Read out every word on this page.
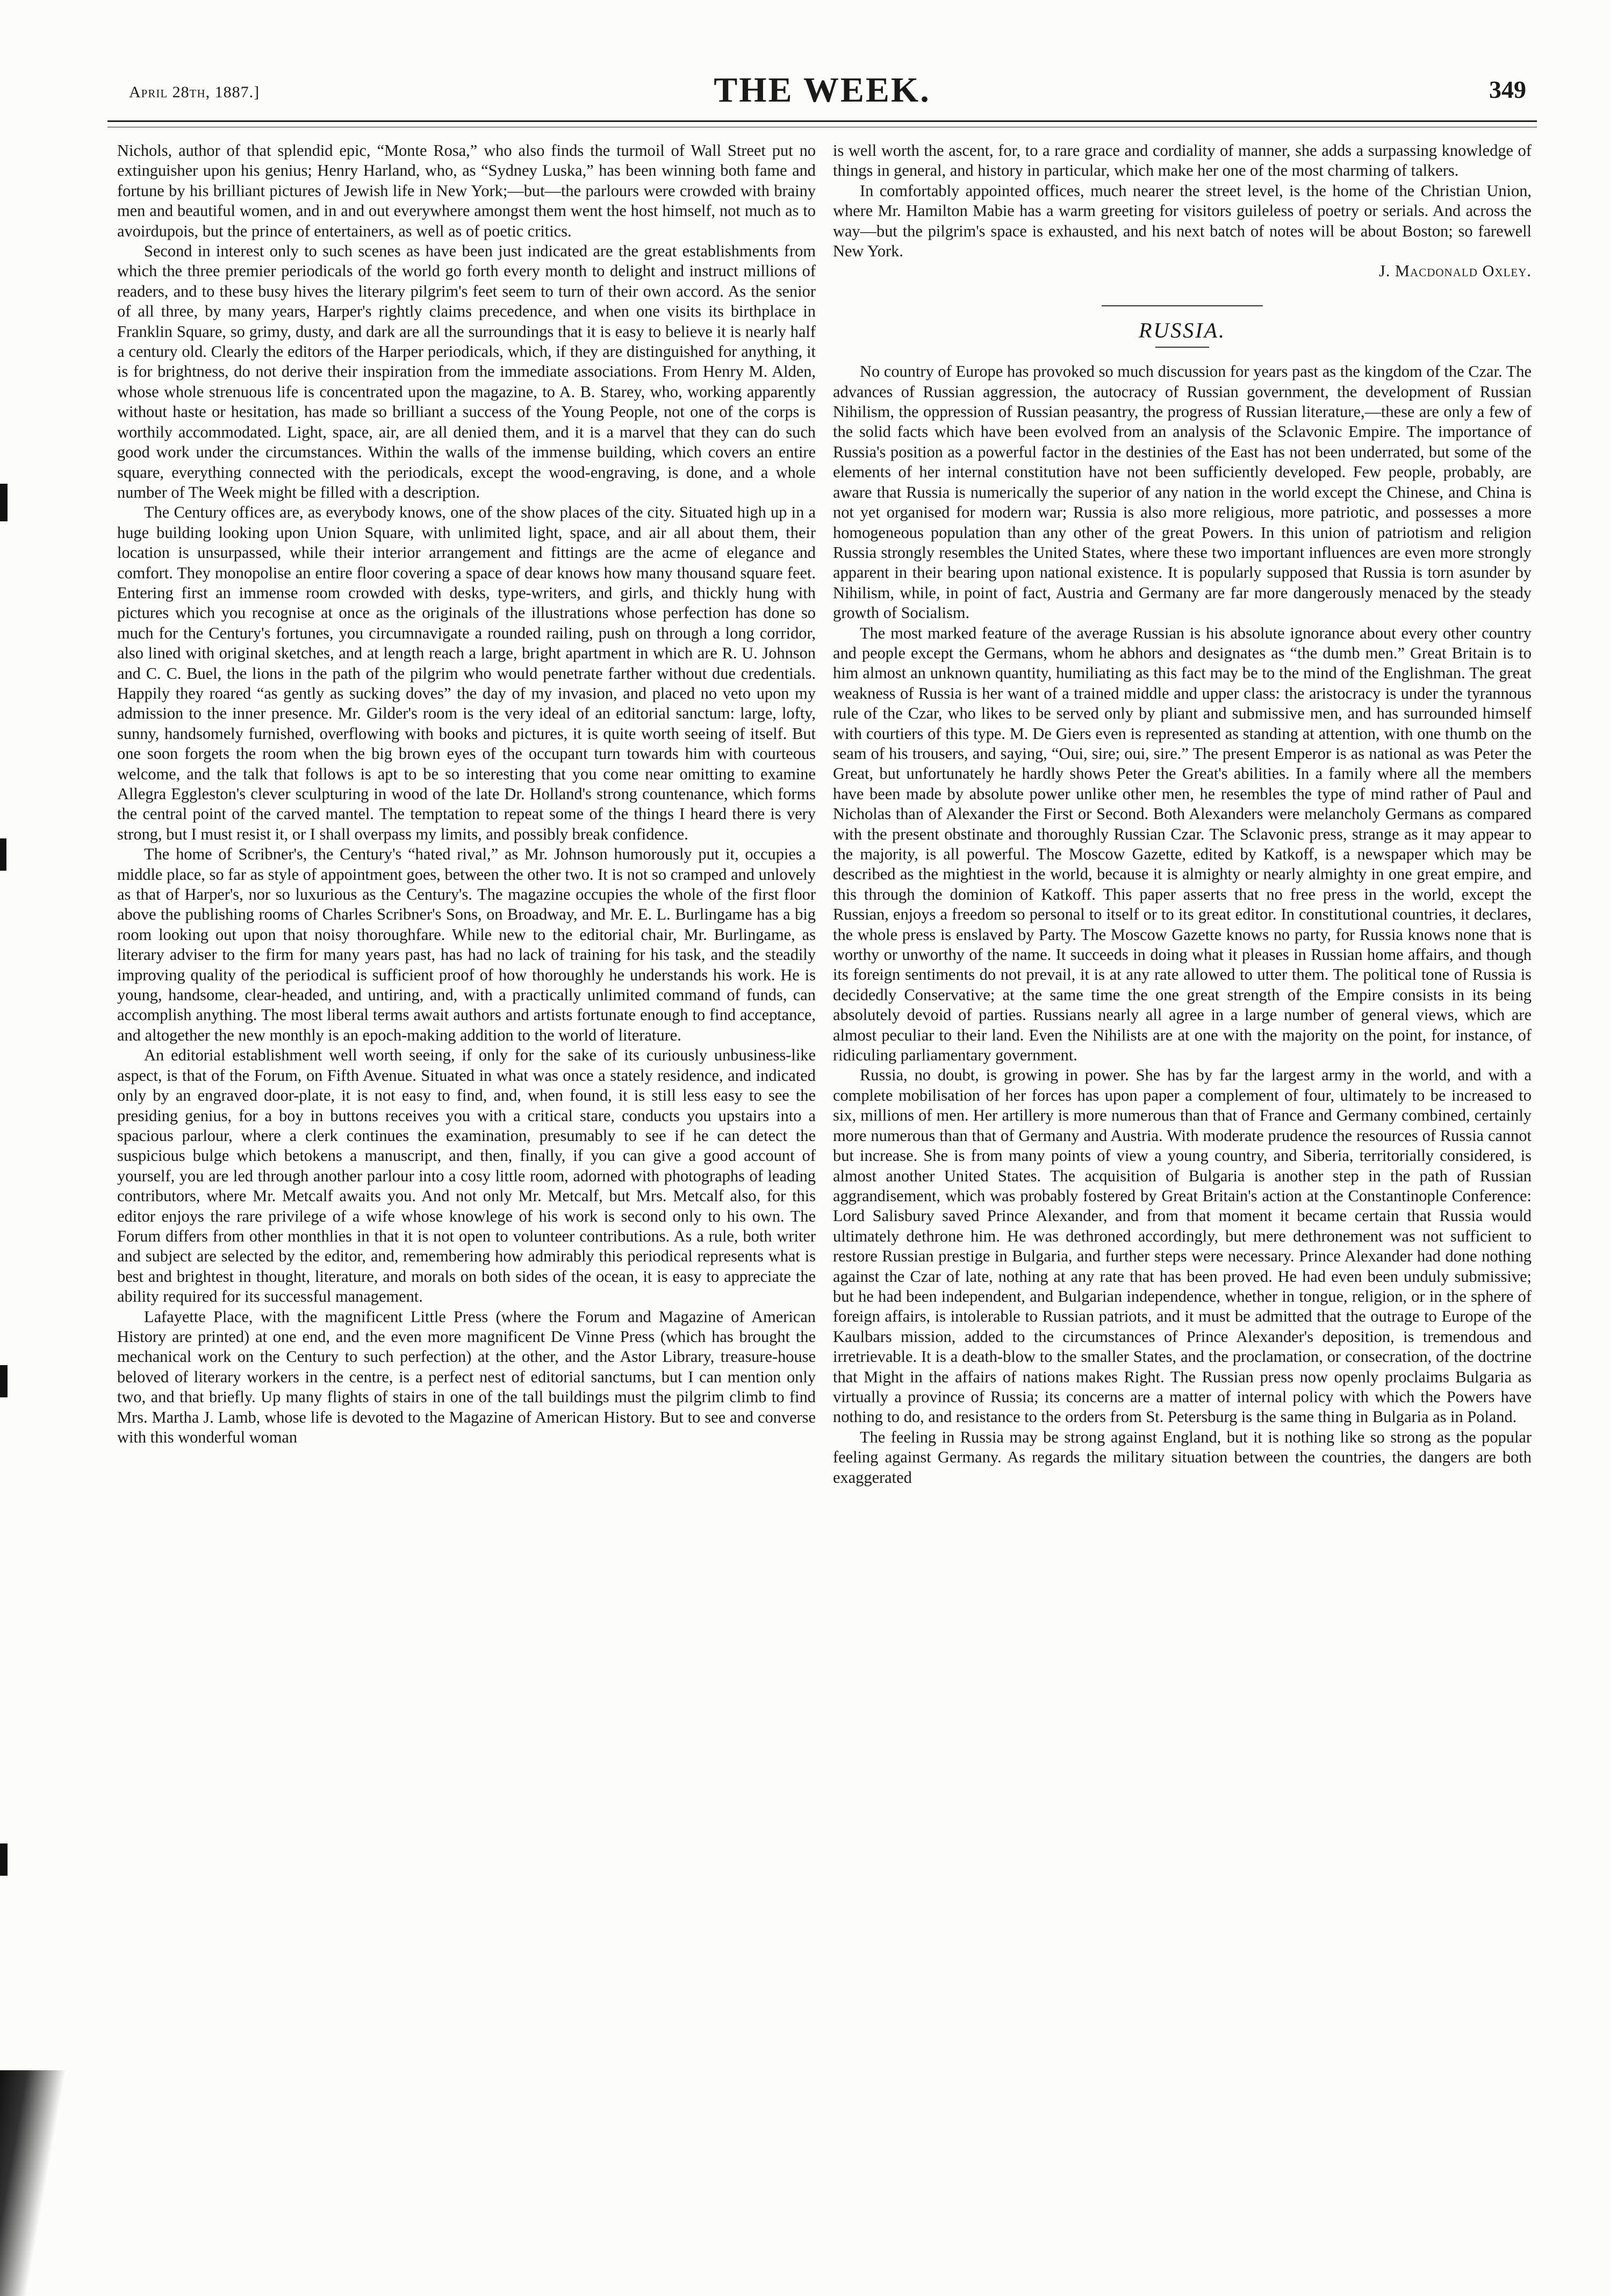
April 28th, 1887.]	THE WEEK.	349

Nichols, author of that splendid epic, “Monte Rosa,” who also finds the turmoil of Wall Street put no extinguisher upon his genius; Henry Harland, who, as “Sydney Luska,” has been winning both fame and fortune by his brilliant pictures of Jewish life in New York;—but—the parlours were crowded with brainy men and beautiful women, and in and out everywhere amongst them went the host himself, not much as to avoirdupois, but the prince of entertainers, as well as of poetic critics.

Second in interest only to such scenes as have been just indicated are the great establishments from which the three premier periodicals of the world go forth every month to delight and instruct millions of readers, and to these busy hives the literary pilgrim's feet seem to turn of their own accord. As the senior of all three, by many years, Harper's rightly claims precedence, and when one visits its birthplace in Franklin Square, so grimy, dusty, and dark are all the surroundings that it is easy to believe it is nearly half a century old. Clearly the editors of the Harper periodicals, which, if they are distinguished for anything, it is for brightness, do not derive their inspiration from the immediate associations. From Henry M. Alden, whose whole strenuous life is concentrated upon the magazine, to A. B. Starey, who, working apparently without haste or hesitation, has made so brilliant a success of the Young People, not one of the corps is worthily accommodated. Light, space, air, are all denied them, and it is a marvel that they can do such good work under the circumstances. Within the walls of the immense building, which covers an entire square, everything connected with the periodicals, except the wood-engraving, is done, and a whole number of The Week might be filled with a description.

The Century offices are, as everybody knows, one of the show places of the city. Situated high up in a huge building looking upon Union Square, with unlimited light, space, and air all about them, their location is unsurpassed, while their interior arrangement and fittings are the acme of elegance and comfort. They monopolise an entire floor covering a space of dear knows how many thousand square feet. Entering first an immense room crowded with desks, type-writers, and girls, and thickly hung with pictures which you recognise at once as the originals of the illustrations whose perfection has done so much for the Century's fortunes, you circumnavigate a rounded railing, push on through a long corridor, also lined with original sketches, and at length reach a large, bright apartment in which are R. U. Johnson and C. C. Buel, the lions in the path of the pilgrim who would penetrate farther without due credentials. Happily they roared “as gently as sucking doves” the day of my invasion, and placed no veto upon my admission to the inner presence. Mr. Gilder's room is the very ideal of an editorial sanctum: large, lofty, sunny, handsomely furnished, overflowing with books and pictures, it is quite worth seeing of itself. But one soon forgets the room when the big brown eyes of the occupant turn towards him with courteous welcome, and the talk that follows is apt to be so interesting that you come near omitting to examine Allegra Eggleston's clever sculpturing in wood of the late Dr. Holland's strong countenance, which forms the central point of the carved mantel. The temptation to repeat some of the things I heard there is very strong, but I must resist it, or I shall overpass my limits, and possibly break confidence.

The home of Scribner's, the Century's “hated rival,” as Mr. Johnson humorously put it, occupies a middle place, so far as style of appointment goes, between the other two. It is not so cramped and unlovely as that of Harper's, nor so luxurious as the Century's. The magazine occupies the whole of the first floor above the publishing rooms of Charles Scribner's Sons, on Broadway, and Mr. E. L. Burlingame has a big room looking out upon that noisy thoroughfare. While new to the editorial chair, Mr. Burlingame, as literary adviser to the firm for many years past, has had no lack of training for his task, and the steadily improving quality of the periodical is sufficient proof of how thoroughly he understands his work. He is young, handsome, clear-headed, and untiring, and, with a practically unlimited command of funds, can accomplish anything. The most liberal terms await authors and artists fortunate enough to find acceptance, and altogether the new monthly is an epoch-making addition to the world of literature.

An editorial establishment well worth seeing, if only for the sake of its curiously unbusiness-like aspect, is that of the Forum, on Fifth Avenue. Situated in what was once a stately residence, and indicated only by an engraved door-plate, it is not easy to find, and, when found, it is still less easy to see the presiding genius, for a boy in buttons receives you with a critical stare, conducts you upstairs into a spacious parlour, where a clerk continues the examination, presumably to see if he can detect the suspicious bulge which betokens a manuscript, and then, finally, if you can give a good account of yourself, you are led through another parlour into a cosy little room, adorned with photographs of leading contributors, where Mr. Metcalf awaits you. And not only Mr. Metcalf, but Mrs. Metcalf also, for this editor enjoys the rare privilege of a wife whose knowlege of his work is second only to his own. The Forum differs from other monthlies in that it is not open to volunteer contributions. As a rule, both writer and subject are selected by the editor, and, remembering how admirably this periodical represents what is best and brightest in thought, literature, and morals on both sides of the ocean, it is easy to appreciate the ability required for its successful management.

Lafayette Place, with the magnificent Little Press (where the Forum and Magazine of American History are printed) at one end, and the even more magnificent De Vinne Press (which has brought the mechanical work on the Century to such perfection) at the other, and the Astor Library, treasure-house beloved of literary workers in the centre, is a perfect nest of editorial sanctums, but I can mention only two, and that briefly. Up many flights of stairs in one of the tall buildings must the pilgrim climb to find Mrs. Martha J. Lamb, whose life is devoted to the Magazine of American History. But to see and converse with this wonderful woman

is well worth the ascent, for, to a rare grace and cordiality of manner, she adds a surpassing knowledge of things in general, and history in particular, which make her one of the most charming of talkers.

In comfortably appointed offices, much nearer the street level, is the home of the Christian Union, where Mr. Hamilton Mabie has a warm greeting for visitors guileless of poetry or serials. And across the way—but the pilgrim's space is exhausted, and his next batch of notes will be about Boston; so farewell New York.

J. Macdonald Oxley.

RUSSIA.

No country of Europe has provoked so much discussion for years past as the kingdom of the Czar. The advances of Russian aggression, the autocracy of Russian government, the development of Russian Nihilism, the oppression of Russian peasantry, the progress of Russian literature,—these are only a few of the solid facts which have been evolved from an analysis of the Sclavonic Empire. The importance of Russia's position as a powerful factor in the destinies of the East has not been underrated, but some of the elements of her internal constitution have not been sufficiently developed. Few people, probably, are aware that Russia is numerically the superior of any nation in the world except the Chinese, and China is not yet organised for modern war; Russia is also more religious, more patriotic, and possesses a more homogeneous population than any other of the great Powers. In this union of patriotism and religion Russia strongly resembles the United States, where these two important influences are even more strongly apparent in their bearing upon national existence. It is popularly supposed that Russia is torn asunder by Nihilism, while, in point of fact, Austria and Germany are far more dangerously menaced by the steady growth of Socialism.

The most marked feature of the average Russian is his absolute ignorance about every other country and people except the Germans, whom he abhors and designates as “the dumb men.” Great Britain is to him almost an unknown quantity, humiliating as this fact may be to the mind of the Englishman. The great weakness of Russia is her want of a trained middle and upper class: the aristocracy is under the tyrannous rule of the Czar, who likes to be served only by pliant and submissive men, and has surrounded himself with courtiers of this type. M. De Giers even is represented as standing at attention, with one thumb on the seam of his trousers, and saying, “Oui, sire; oui, sire.” The present Emperor is as national as was Peter the Great, but unfortunately he hardly shows Peter the Great's abilities. In a family where all the members have been made by absolute power unlike other men, he resembles the type of mind rather of Paul and Nicholas than of Alexander the First or Second. Both Alexanders were melancholy Germans as compared with the present obstinate and thoroughly Russian Czar. The Sclavonic press, strange as it may appear to the majority, is all powerful. The Moscow Gazette, edited by Katkoff, is a newspaper which may be described as the mightiest in the world, because it is almighty or nearly almighty in one great empire, and this through the dominion of Katkoff. This paper asserts that no free press in the world, except the Russian, enjoys a freedom so personal to itself or to its great editor. In constitutional countries, it declares, the whole press is enslaved by Party. The Moscow Gazette knows no party, for Russia knows none that is worthy or unworthy of the name. It succeeds in doing what it pleases in Russian home affairs, and though its foreign sentiments do not prevail, it is at any rate allowed to utter them. The political tone of Russia is decidedly Conservative; at the same time the one great strength of the Empire consists in its being absolutely devoid of parties. Russians nearly all agree in a large number of general views, which are almost peculiar to their land. Even the Nihilists are at one with the majority on the point, for instance, of ridiculing parliamentary government.

Russia, no doubt, is growing in power. She has by far the largest army in the world, and with a complete mobilisation of her forces has upon paper a complement of four, ultimately to be increased to six, millions of men. Her artillery is more numerous than that of France and Germany combined, certainly more numerous than that of Germany and Austria. With moderate prudence the resources of Russia cannot but increase. She is from many points of view a young country, and Siberia, territorially considered, is almost another United States. The acquisition of Bulgaria is another step in the path of Russian aggrandisement, which was probably fostered by Great Britain's action at the Constantinople Conference: Lord Salisbury saved Prince Alexander, and from that moment it became certain that Russia would ultimately dethrone him. He was dethroned accordingly, but mere dethronement was not sufficient to restore Russian prestige in Bulgaria, and further steps were necessary. Prince Alexander had done nothing against the Czar of late, nothing at any rate that has been proved. He had even been unduly submissive; but he had been independent, and Bulgarian independence, whether in tongue, religion, or in the sphere of foreign affairs, is intolerable to Russian patriots, and it must be admitted that the outrage to Europe of the Kaulbars mission, added to the circumstances of Prince Alexander's deposition, is tremendous and irretrievable. It is a death-blow to the smaller States, and the proclamation, or consecration, of the doctrine that Might in the affairs of nations makes Right. The Russian press now openly proclaims Bulgaria as virtually a province of Russia; its concerns are a matter of internal policy with which the Powers have nothing to do, and resistance to the orders from St. Petersburg is the same thing in Bulgaria as in Poland.

The feeling in Russia may be strong against England, but it is nothing like so strong as the popular feeling against Germany. As regards the military situation between the countries, the dangers are both exaggerated
